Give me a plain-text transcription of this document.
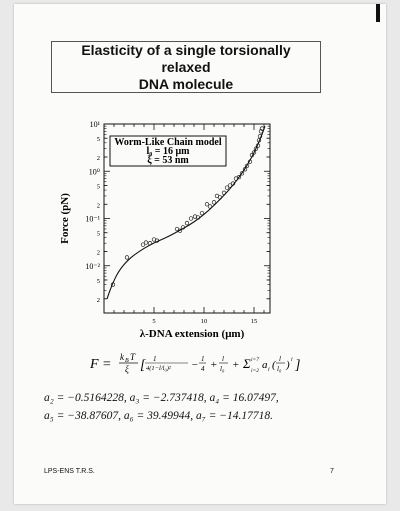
Elasticity of a single torsionally relaxed
DNA molecule
10¹
5
2
10⁰
5
2
10⁻¹
5
2
10⁻²
5
2
5	10	15
Force (pN)
λ-DNA extension (μm)
Worm-Like Chain model
l₀ = 16 μm
ξ = 53 nm
F = k B T
ξ [ 1
4(1−l/l₀)² − 1
4 + l
l₀ + Σ i=7
i=2 a i ( l
l₀ ) i ]
a₂ = −0.5164228, a₃ = −2.737418, a₄ = 16.07497,
a₅ = −38.87607, a₆ = 39.49944, a₇ = −14.17718.
LPS-ENS T.R.S.	7
